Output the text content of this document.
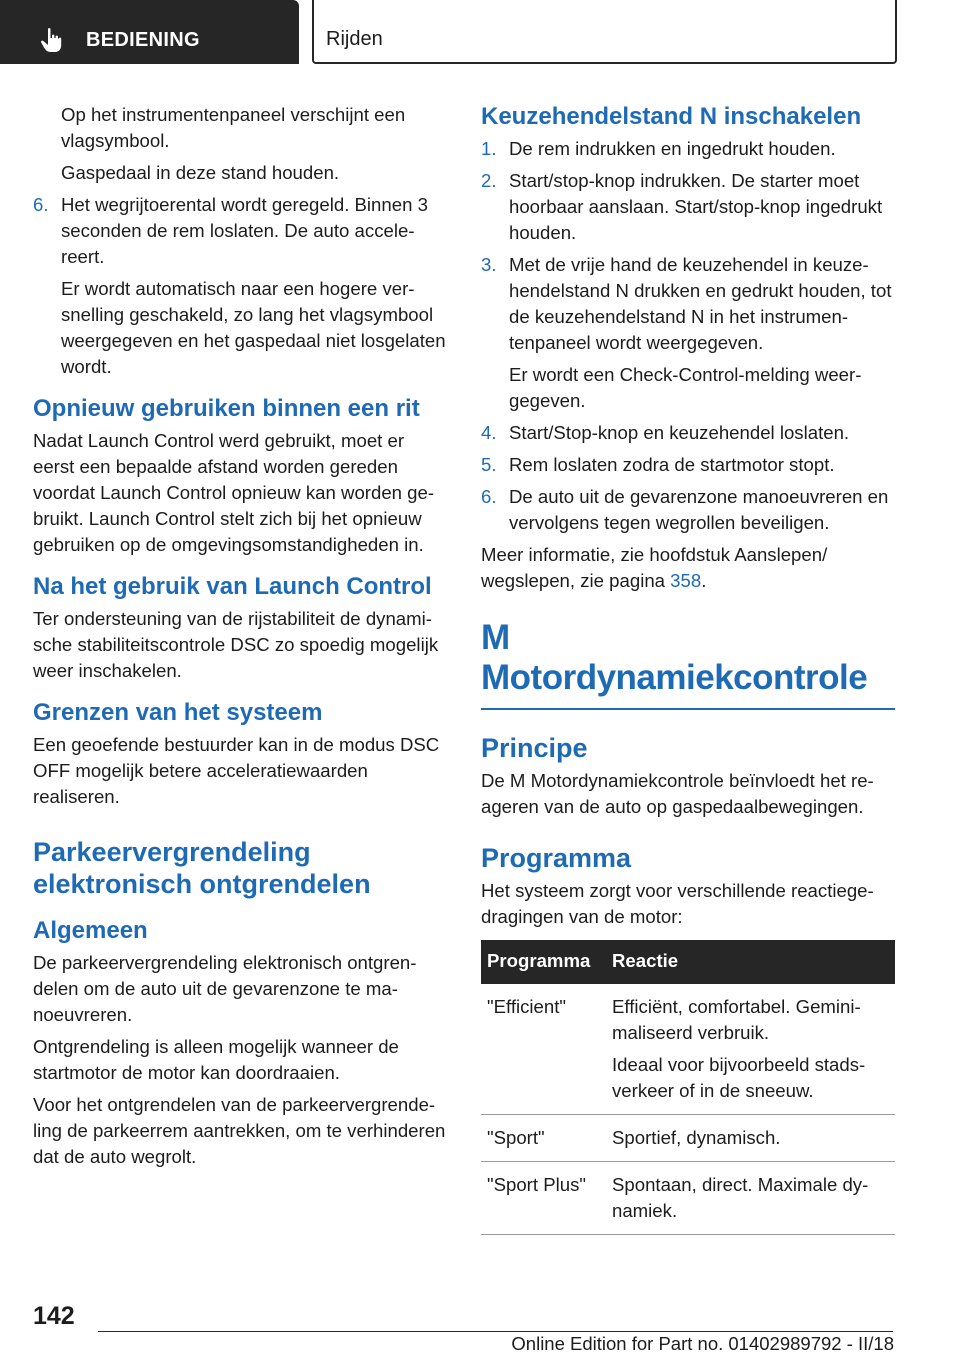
BEDIENING	Rijden

Op het instrumentenpaneel verschijnt een vlagsymbool.

Gaspedaal in deze stand houden.

6. Het wegrijtoerental wordt geregeld. Binnen 3 seconden de rem loslaten. De auto accelereert.

Er wordt automatisch naar een hogere versnelling geschakeld, zo lang het vlagsymbool weergegeven en het gaspedaal niet losgelaten wordt.

Opnieuw gebruiken binnen een rit

Nadat Launch Control werd gebruikt, moet er eerst een bepaalde afstand worden gereden voordat Launch Control opnieuw kan worden gebruikt. Launch Control stelt zich bij het opnieuw gebruiken op de omgevingsomstandigheden in.

Na het gebruik van Launch Control

Ter ondersteuning van de rijstabiliteit de dynamische stabiliteitscontrole DSC zo spoedig mogelijk weer inschakelen.

Grenzen van het systeem

Een geoefende bestuurder kan in de modus DSC OFF mogelijk betere acceleratiewaarden realiseren.

Parkeervergrendeling elektronisch ontgrendelen
Algemeen

De parkeervergrendeling elektronisch ontgrendelen om de auto uit de gevarenzone te manoeuvreren.

Ontgrendeling is alleen mogelijk wanneer de startmotor de motor kan doordraaien.

Voor het ontgrendelen van de parkeervergrendeling de parkeerrem aantrekken, om te verhinderen dat de auto wegrolt.

Keuzehendelstand N inschakelen
1. De rem indrukken en ingedrukt houden.

2. Start/stop-knop indrukken. De starter moet hoorbaar aanslaan. Start/stop-knop ingedrukt houden.

3. Met de vrije hand de keuzehendel in keuzehendelstand N drukken en gedrukt houden, tot de keuzehendelstand N in het instrumentenpaneel wordt weergegeven.

Er wordt een Check-Control-melding weergegeven.

4. Start/Stop-knop en keuzehendel loslaten.

5. Rem loslaten zodra de startmotor stopt.

6. De auto uit de gevarenzone manoeuvreren en vervolgens tegen wegrollen beveiligen.

Meer informatie, zie hoofdstuk Aanslepen/ wegslepen, zie pagina 358.

M Motordynamiekcontrole
Principe

De M Motordynamiekcontrole beïnvloedt het reageren van de auto op gaspedaalbewegingen.

Programma

Het systeem zorgt voor verschillende reactiegedragingen van de motor:

Programma	Reactie
"Efficient"	Efficiënt, comfortabel. Geminimaliseerd verbruik.

Ideaal voor bijvoorbeeld stadsverkeer of in de sneeuw.

"Sport"	Sportief, dynamisch.
"Sport Plus"	Spontaan, direct. Maximale dynamiek.
142
Online Edition for Part no. 01402989792 - II/18
